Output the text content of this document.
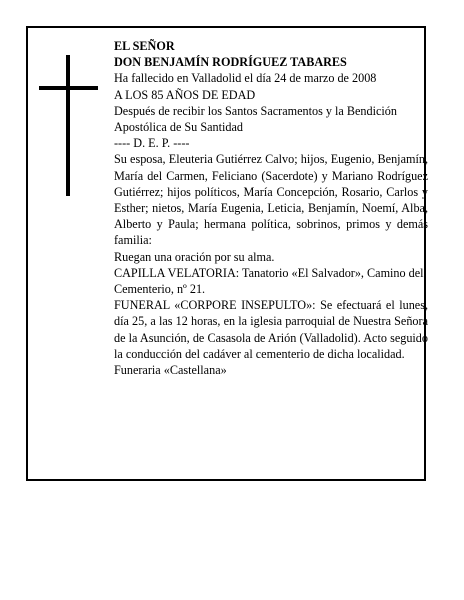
EL SEÑOR

DON BENJAMÍN RODRÍGUEZ TABARES

Ha fallecido en Valladolid el día 24 de marzo de 2008

A LOS 85 AÑOS DE EDAD

Después de recibir los Santos Sacramentos y la Bendición Apostólica de Su Santidad

---- D. E. P. ----

Su esposa, Eleuteria Gutiérrez Calvo; hijos, Eugenio, Benjamín, María del Carmen, Feliciano (Sacerdote) y Mariano Rodríguez Gutiérrez; hijos políticos, María Concepción, Rosario, Carlos y Esther; nietos, María Eugenia, Leticia, Benjamín, Noemí, Alba, Alberto y Paula; hermana política, sobrinos, primos y demás familia:

Ruegan una oración por su alma.

CAPILLA VELATORIA: Tanatorio «El Salvador», Camino del Cementerio, nº 21.

FUNERAL «CORPORE INSEPULTO»: Se efectuará el lunes, día 25, a las 12 horas, en la iglesia parroquial de Nuestra Señora de la Asunción, de Casasola de Arión (Valladolid). Acto seguido la conducción del cadáver al cementerio de dicha localidad.

Funeraria «Castellana»
